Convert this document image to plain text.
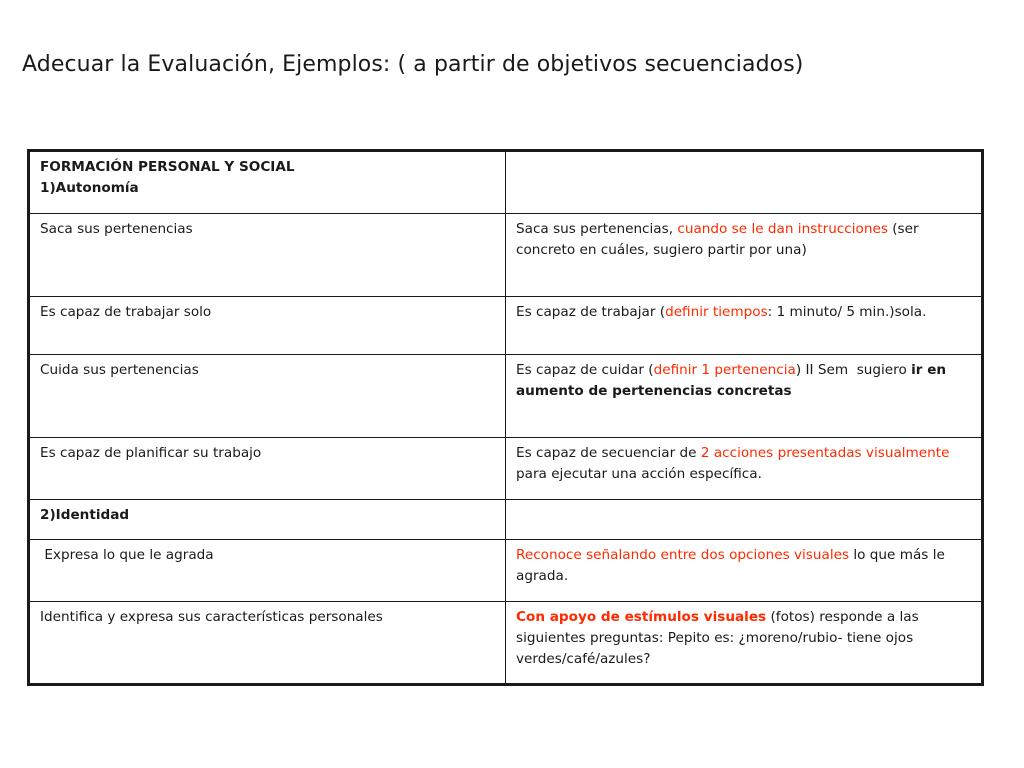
Adecuar la Evaluación, Ejemplos: ( a partir de objetivos secuenciados)
FORMACIÓN PERSONAL Y SOCIAL
1)Autonomía	

Saca sus pertenencias	Saca sus pertenencias, cuando se le dan instrucciones (ser concreto en cuáles, sugiero partir por una)
Es capaz de trabajar solo	Es capaz de trabajar (definir tiempos: 1 minuto/ 5 min.)sola.
Cuida sus pertenencias	Es capaz de cuidar (definir 1 pertenencia) II Sem  sugiero ir en aumento de pertenencias concretas
Es capaz de planificar su trabajo	Es capaz de secuenciar de 2 acciones presentadas visualmente para ejecutar una acción específica.
2)Identidad	
Expresa lo que le agrada	Reconoce señalando entre dos opciones visuales lo que más le agrada.
Identifica y expresa sus características personales	Con apoyo de estímulos visuales (fotos) responde a las siguientes preguntas: Pepito es: ¿moreno/rubio- tiene ojos verdes/café/azules?
